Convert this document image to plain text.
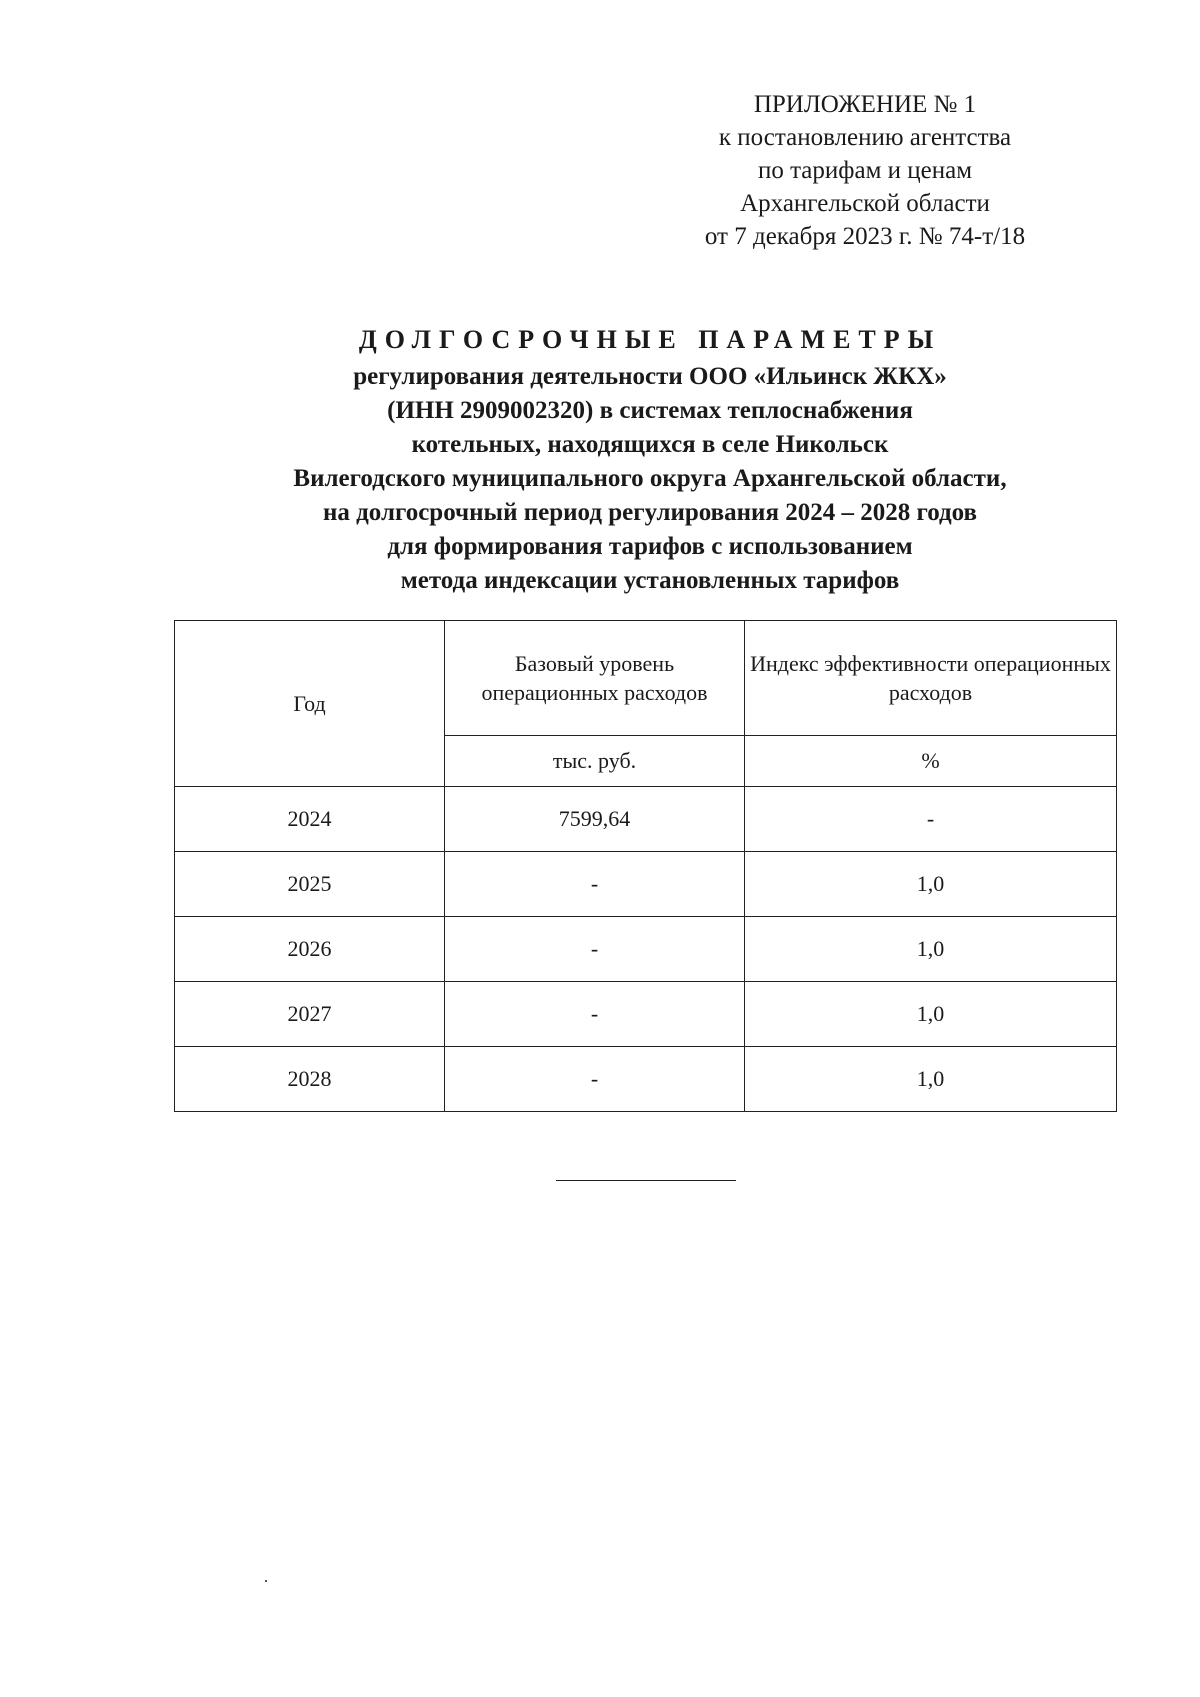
ПРИЛОЖЕНИЕ № 1
к постановлению агентства
по тарифам и ценам
Архангельской области
от 7 декабря 2023 г. № 74-т/18
ДОЛГОСРОЧНЫЕ ПАРАМЕТРЫ
регулирования деятельности ООО «Ильинск ЖКХ»
(ИНН 2909002320) в системах теплоснабжения
котельных, находящихся в селе Никольск
Вилегодского муниципального округа Архангельской области,
на долгосрочный период регулирования 2024 – 2028 годов
для формирования тарифов с использованием
метода индексации установленных тарифов
Год	Базовый уровень операционных расходов	Индекс эффективности операционных расходов
	тыс. руб.	%
2024	7599,64	-
2025	-	1,0
2026	-	1,0
2027	-	1,0
2028	-	1,0
